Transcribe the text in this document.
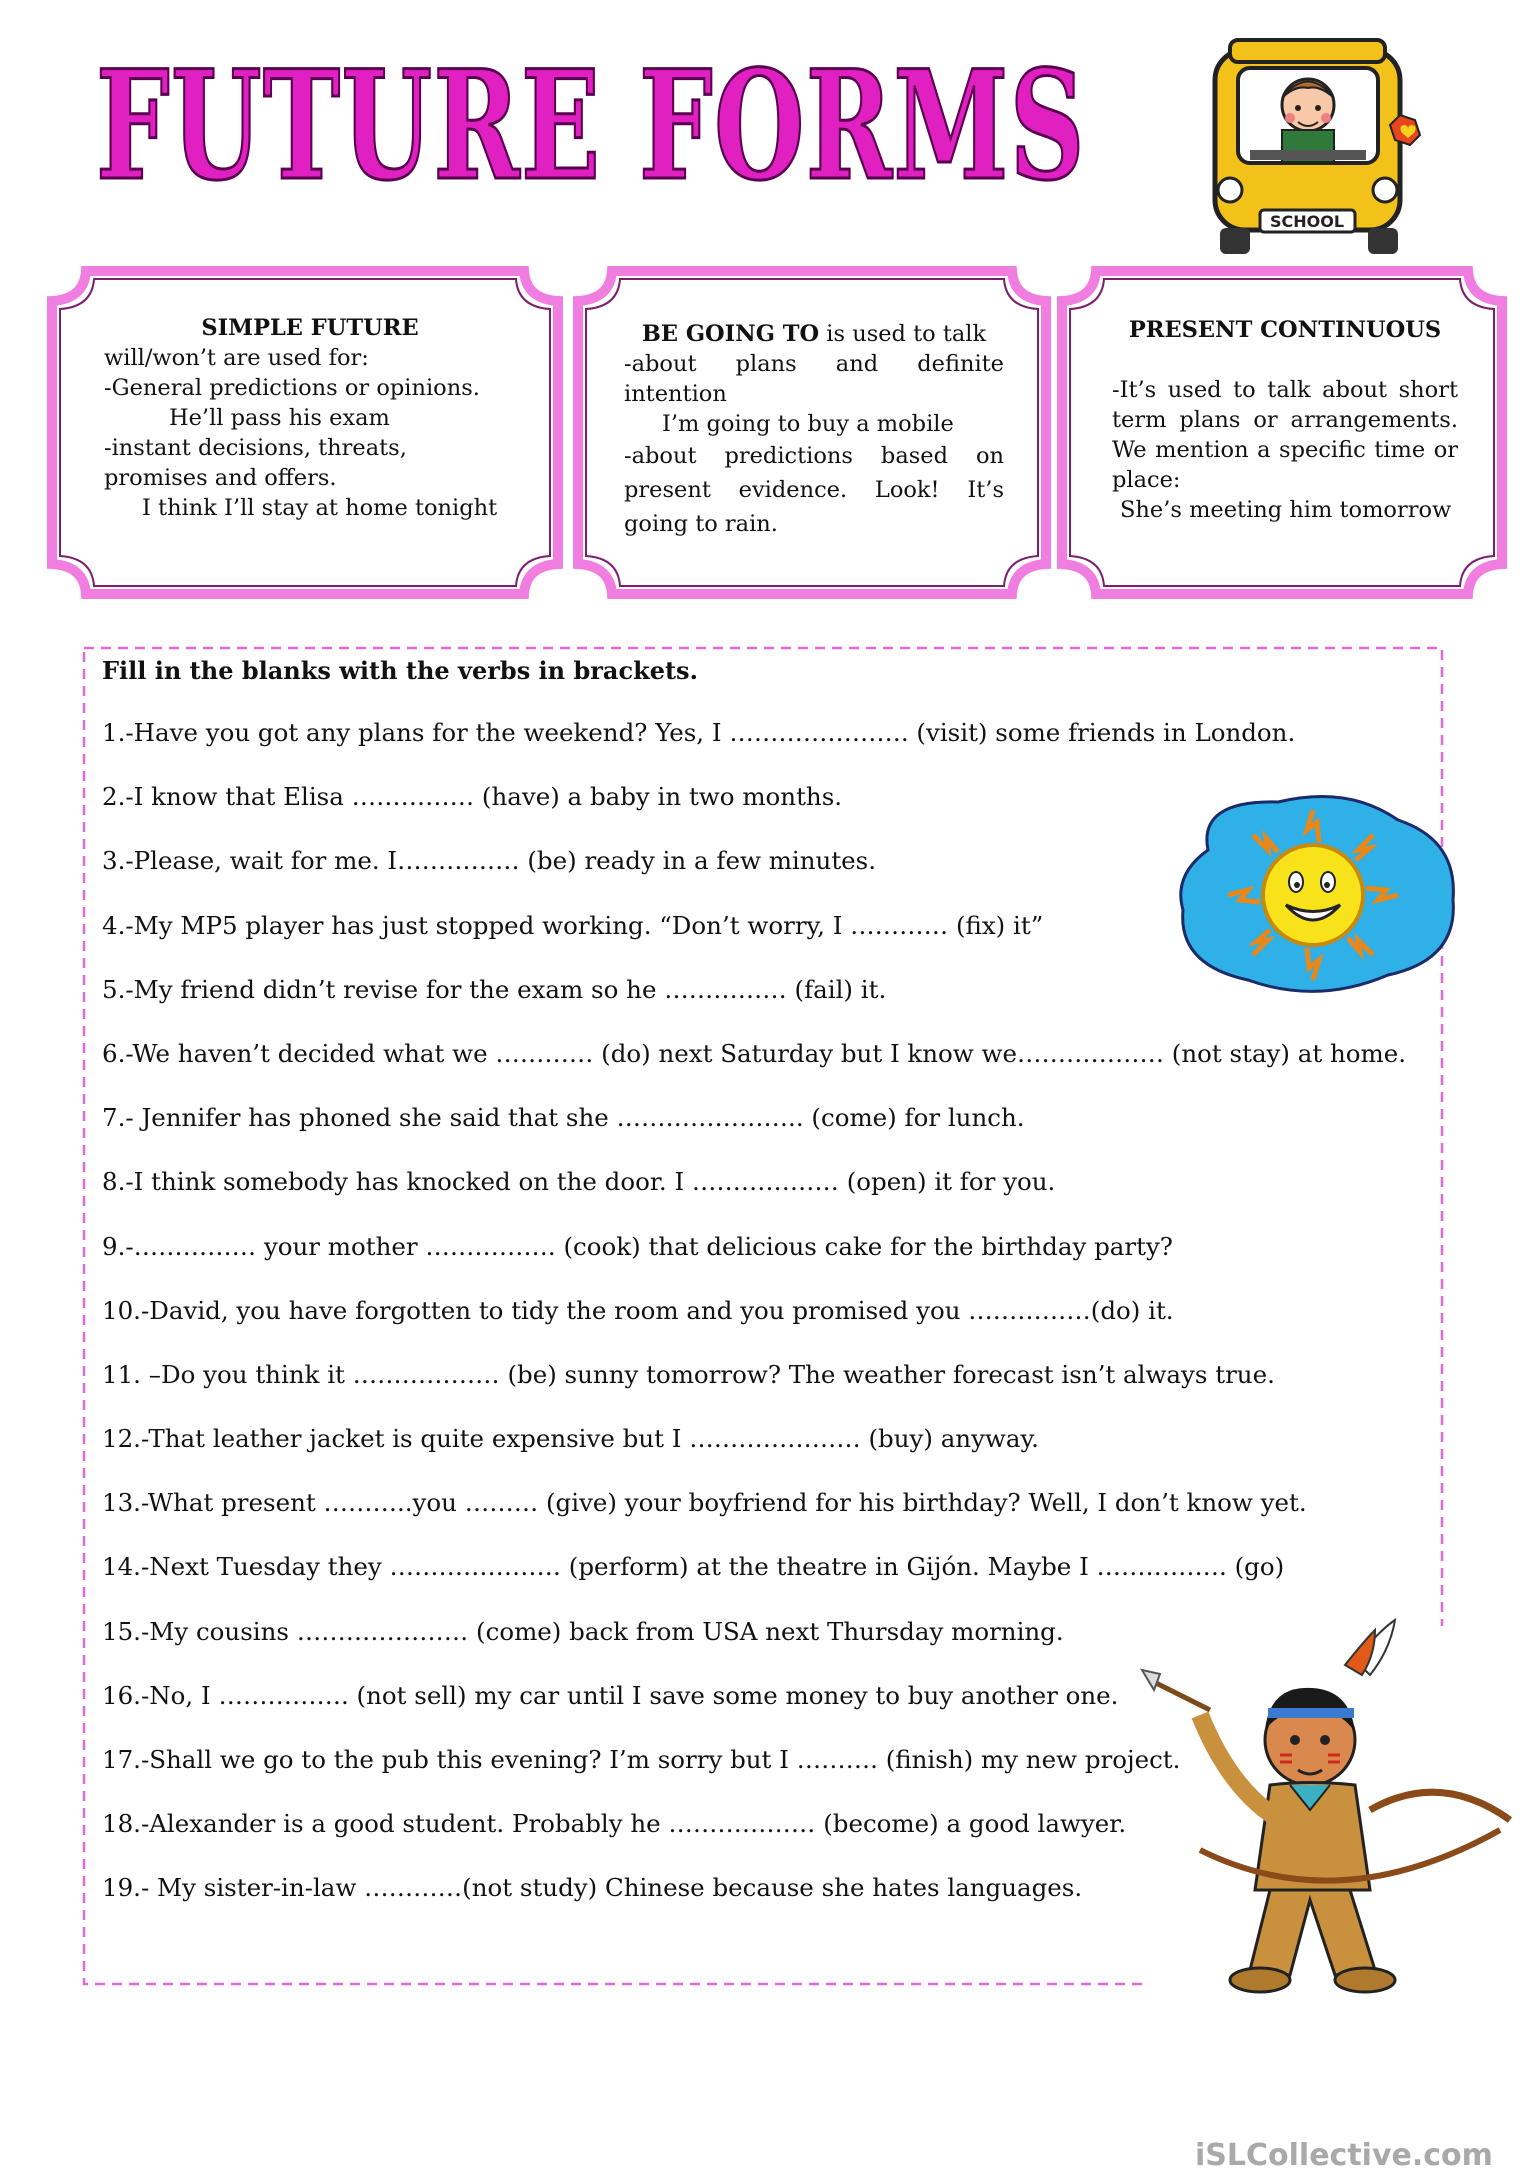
FUTURE FORMS
SCHOOL
SIMPLE FUTURE
will/won’t are used for:
-General predictions or opinions.
He’ll pass his exam
-instant decisions, threats, promises and offers.
I think I’ll stay at home tonight
BE GOING TO is used to talk
-about plans and definite intention
I’m going to buy a mobile
-about predictions based on present evidence. Look! It’s going to rain.
PRESENT CONTINUOUS
-It’s used to talk about short term plans or arrangements. We mention a specific time or place:
She’s meeting him tomorrow
Fill in the blanks with the verbs in brackets.
1.-Have you got any plans for the weekend? Yes, I …………………. (visit) some friends in London.
2.-I know that Elisa …………… (have) a baby in two months.
3.-Please, wait for me. I…………… (be) ready in a few minutes.
4.-My MP5 player has just stopped working. “Don’t worry, I ………… (fix) it”
5.-My friend didn’t revise for the exam so he …………… (fail) it.
6.-We haven’t decided what we ………… (do) next Saturday but I know we……………… (not stay) at home.
7.- Jennifer has phoned she said that she ………………….. (come) for lunch.
8.-I think somebody has knocked on the door. I ……………… (open) it for you.
9.-…………… your mother ……………. (cook) that delicious cake for the birthday party?
10.-David, you have forgotten to tidy the room and you promised you ……………(do) it.
11. –Do you think it ……………… (be) sunny tomorrow? The weather forecast isn’t always true.
12.-That leather jacket is quite expensive but I ………………… (buy) anyway.
13.-What present ………..you ……… (give) your boyfriend for his birthday? Well, I don’t know yet.
14.-Next Tuesday they ………………… (perform) at the theatre in Gijón. Maybe I ……………. (go)
15.-My cousins ………………… (come) back from USA next Thursday morning.
16.-No, I ……………. (not sell) my car until I save some money to buy another one.
17.-Shall we go to the pub this evening? I’m sorry but I ………. (finish) my new project.
18.-Alexander is a good student. Probably he ……………… (become) a good lawyer.
19.- My sister-in-law …………(not study) Chinese because she hates languages.
iSLCollective.com
